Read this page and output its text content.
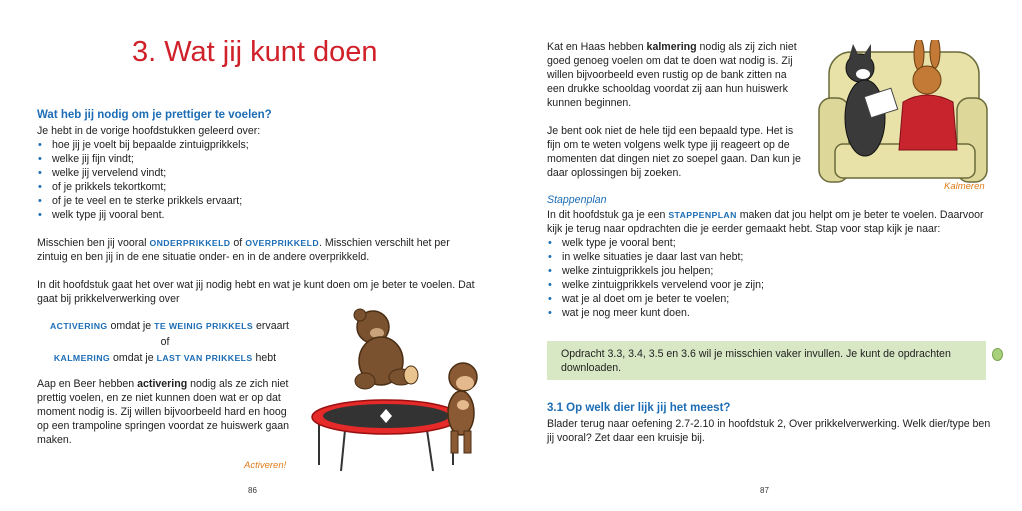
3. Wat jij kunt doen
Wat heb jij nodig om je prettiger te voelen?

Je hebt in de vorige hoofdstukken geleerd over:

• hoe jij je voelt bij bepaalde zintuigprikkels;
• welke jij fijn vindt;
• welke jij vervelend vindt;
• of je prikkels tekortkomt;
• of je te veel en te sterke prikkels ervaart;
• welk type jij vooral bent.

Misschien ben jij vooral ONDERPRIKKELD of OVERPRIKKELD. Misschien verschilt het per zintuig en ben jij in de ene situatie onder- en in de andere overprikkeld.

In dit hoofdstuk gaat het over wat jij nodig hebt en wat je kunt doen om je beter te voelen. Dat gaat bij prikkelverwerking over

ACTIVERING omdat je TE WEINIG PRIKKELS ervaart
of
KALMERING omdat je LAST VAN PRIKKELS hebt

Aap en Beer hebben activering nodig als ze zich niet prettig voelen, en ze niet kunnen doen wat er op dat moment nodig is. Zij willen bijvoorbeeld hard en hoog op een trampoline springen voordat ze huiswerk gaan maken.

Activeren!
86

Kat en Haas hebben kalmering nodig als zij zich niet goed genoeg voelen om dat te doen wat nodig is. Zij willen bijvoorbeeld even rustig op de bank zitten na een drukke schooldag voordat zij aan hun huiswerk kunnen beginnen.

Je bent ook niet de hele tijd een bepaald type. Het is fijn om te weten volgens welk type jij reageert op de momenten dat dingen niet zo soepel gaan. Dan kun je daar oplossingen bij zoeken.

Kalmeren
Stappenplan

In dit hoofdstuk ga je een STAPPENPLAN maken dat jou helpt om je beter te voelen. Daarvoor kijk je terug naar opdrachten die je eerder gemaakt hebt. Stap voor stap kijk je naar:

• welk type je vooral bent;
• in welke situaties je daar last van hebt;
• welke zintuigprikkels jou helpen;
• welke zintuigprikkels vervelend voor je zijn;
• wat je al doet om je beter te voelen;
• wat je nog meer kunt doen.
Opdracht 3.3, 3.4, 3.5 en 3.6 wil je misschien vaker invullen. Je kunt de opdrachten downloaden.
3.1 Op welk dier lijk jij het meest?

Blader terug naar oefening 2.7-2.10 in hoofdstuk 2, Over prikkelverwerking. Welk dier/type ben jij vooral? Zet daar een kruisje bij.

87
